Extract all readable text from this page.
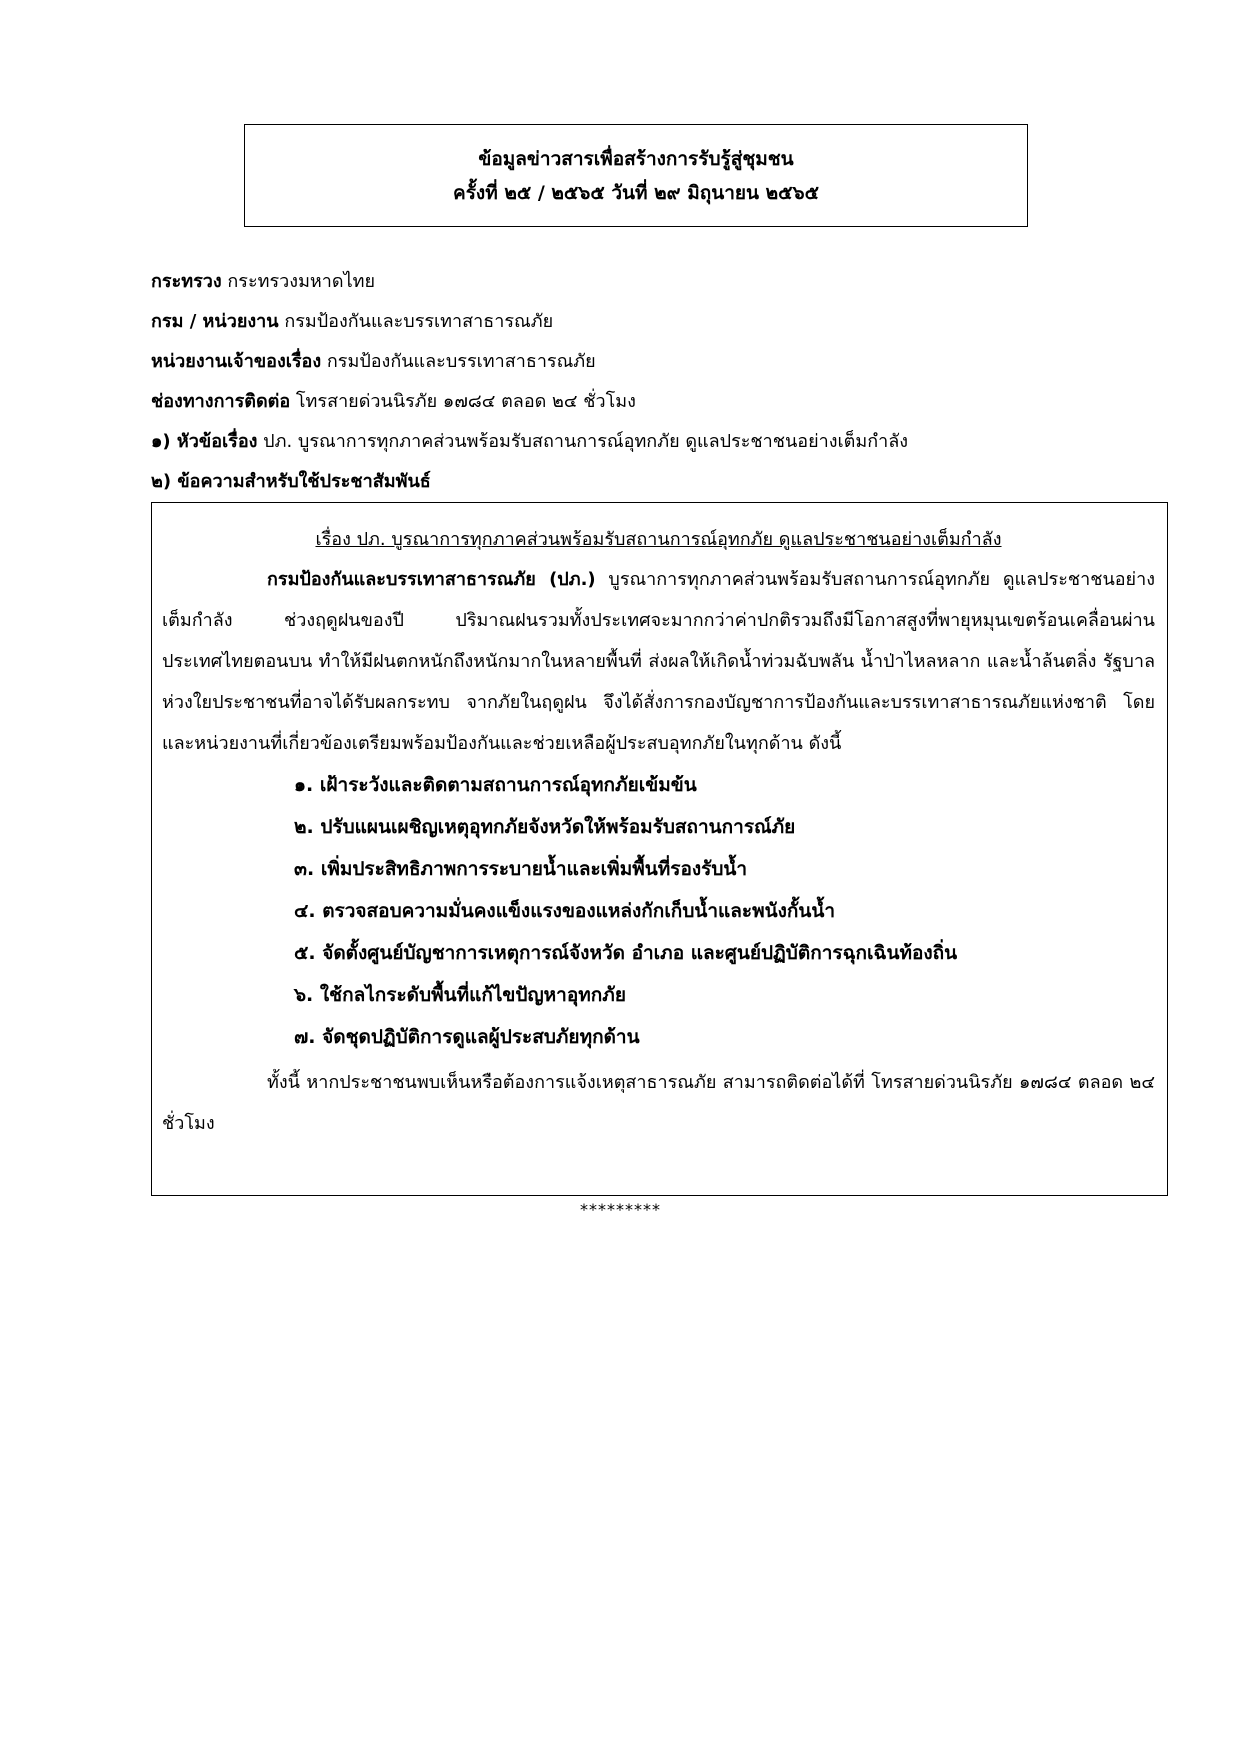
ข้อมูลข่าวสารเพื่อสร้างการรับรู้สู่ชุมชน
ครั้งที่ ๒๕ / ๒๕๖๕ วันที่ ๒๙ มิถุนายน ๒๕๖๕
กระทรวง กระทรวงมหาดไทย
กรม / หน่วยงาน กรมป้องกันและบรรเทาสาธารณภัย
หน่วยงานเจ้าของเรื่อง กรมป้องกันและบรรเทาสาธารณภัย
ช่องทางการติดต่อ โทรสายด่วนนิรภัย ๑๗๘๔ ตลอด ๒๔ ชั่วโมง
๑) หัวข้อเรื่อง ปภ. บูรณาการทุกภาคส่วนพร้อมรับสถานการณ์อุทกภัย ดูแลประชาชนอย่างเต็มกำลัง
๒) ข้อความสำหรับใช้ประชาสัมพันธ์
เรื่อง ปภ. บูรณาการทุกภาคส่วนพร้อมรับสถานการณ์อุทกภัย ดูแลประชาชนอย่างเต็มกำลัง
กรมป้องกันและบรรเทาสาธารณภัย (ปภ.) บูรณาการทุกภาคส่วนพร้อมรับสถานการณ์อุทกภัย ดูแลประชาชนอย่างเต็มกำลัง ช่วงฤดูฝนของปี ปริมาณฝนรวมทั้งประเทศจะมากกว่าค่าปกติรวมถึงมีโอกาสสูงที่พายุหมุนเขตร้อนเคลื่อนผ่านประเทศไทยตอนบน ทำให้มีฝนตกหนักถึงหนักมากในหลายพื้นที่ ส่งผลให้เกิดน้ำท่วมฉับพลัน น้ำป่าไหลหลาก และน้ำล้นตลิ่ง รัฐบาลห่วงใยประชาชนที่อาจได้รับผลกระทบ จากภัยในฤดูฝน จึงได้สั่งการกองบัญชาการป้องกันและบรรเทาสาธารณภัยแห่งชาติ โดยและหน่วยงานที่เกี่ยวข้องเตรียมพร้อมป้องกันและช่วยเหลือผู้ประสบอุทกภัยในทุกด้าน ดังนี้
๑. เฝ้าระวังและติดตามสถานการณ์อุทกภัยเข้มข้น
๒. ปรับแผนเผชิญเหตุอุทกภัยจังหวัดให้พร้อมรับสถานการณ์ภัย
๓. เพิ่มประสิทธิภาพการระบายน้ำและเพิ่มพื้นที่รองรับน้ำ
๔. ตรวจสอบความมั่นคงแข็งแรงของแหล่งกักเก็บน้ำและพนังกั้นน้ำ
๕. จัดตั้งศูนย์บัญชาการเหตุการณ์จังหวัด อำเภอ และศูนย์ปฏิบัติการฉุกเฉินท้องถิ่น
๖. ใช้กลไกระดับพื้นที่แก้ไขปัญหาอุทกภัย
๗. จัดชุดปฏิบัติการดูแลผู้ประสบภัยทุกด้าน
ทั้งนี้ หากประชาชนพบเห็นหรือต้องการแจ้งเหตุสาธารณภัย สามารถติดต่อได้ที่ โทรสายด่วนนิรภัย ๑๗๘๔ ตลอด ๒๔ ชั่วโมง
*********
